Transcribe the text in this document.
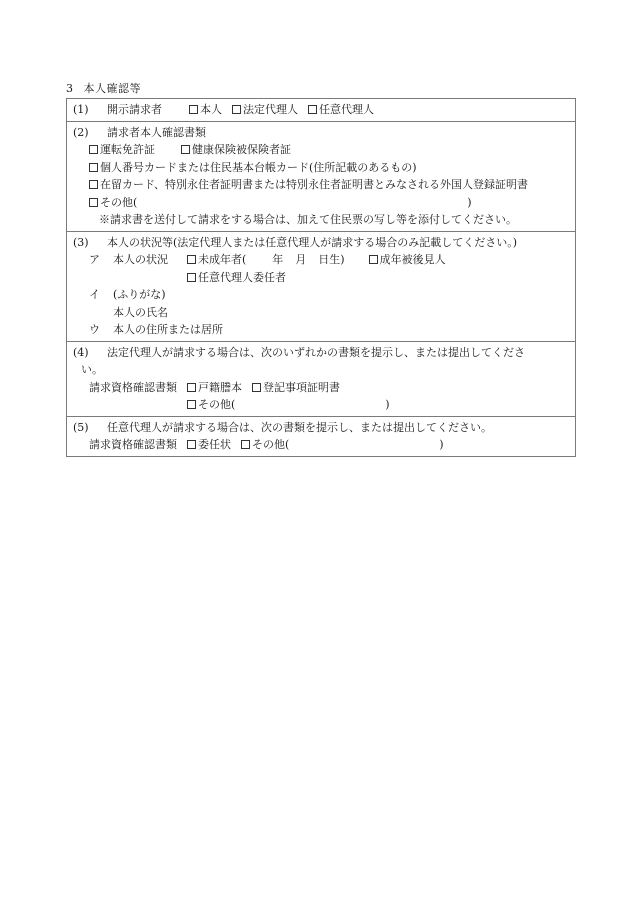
3 本人確認等
(1) 開示請求者	本人 法定代理人 任意代理人

(2) 請求者本人確認書類
運転免許証	健康保険被保険者証
個人番号カードまたは住民基本台帳カード(住所記載のあるもの)
在留カード、特別永住者証明書または特別永住者証明書とみなされる外国人登録証明書
その他(	)
※請求書を送付して請求をする場合は、加えて住民票の写し等を添付してください。

(3) 本人の状況等(法定代理人または任意代理人が請求する場合のみ記載してください。)
ア 本人の状況	未成年者( 年 月 日生)	成年被後見人
任意代理人委任者
イ (ふりがな)
本人の氏名
ウ 本人の住所または居所

(4) 法定代理人が請求する場合は、次のいずれかの書類を提示し、または提出してくださ
い。
請求資格確認書類 戸籍謄本 登記事項証明書
その他(	)

(5) 任意代理人が請求する場合は、次の書類を提示し、または提出してください。
請求資格確認書類 委任状 その他(	)
